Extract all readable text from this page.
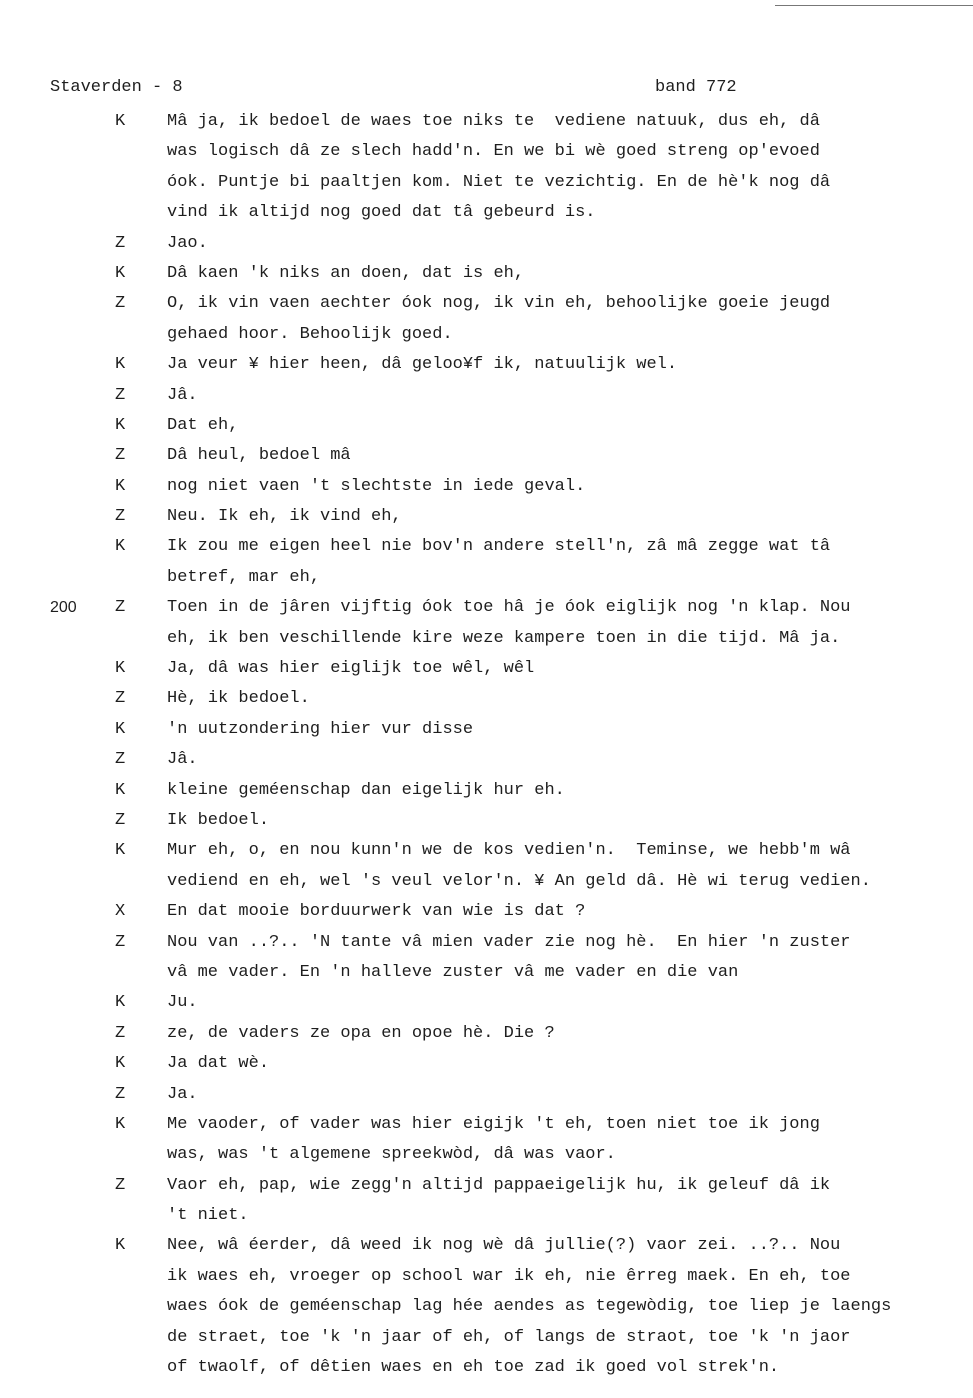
Staverden - 8	band 772
K	Mâ ja, ik bedoel de waes toe niks te  vediene natuuk, dus eh, dâ
was logisch dâ ze slech hadd'n. En we bi wè goed streng op'evoed
óok. Puntje bi paaltjen kom. Niet te vezichtig. En de hè'k nog dâ
vind ik altijd nog goed dat tâ gebeurd is.
Z	Jao.
K	Dâ kaen 'k niks an doen, dat is eh,
Z	O, ik vin vaen aechter óok nog, ik vin eh, behoolijke goeie jeugd
gehaed hoor. Behoolijk goed.
K	Ja veur ¥ hier heen, dâ geloo¥f ik, natuulijk wel.
Z	Jâ.
K	Dat eh,
Z	Dâ heul, bedoel mâ
K	nog niet vaen 't slechtste in iede geval.
Z	Neu. Ik eh, ik vind eh,
K	Ik zou me eigen heel nie bov'n andere stell'n, zâ mâ zegge wat tâ
betref, mar eh,
200	Z	Toen in de jâren vijftig óok toe hâ je óok eiglijk nog 'n klap. Nou
eh, ik ben veschillende kire weze kampere toen in die tijd. Mâ ja.
K	Ja, dâ was hier eiglijk toe wêl, wêl
Z	Hè, ik bedoel.
K	'n uutzondering hier vur disse
Z	Jâ.
K	kleine geméenschap dan eigelijk hur eh.
Z	Ik bedoel.
K	Mur eh, o, en nou kunn'n we de kos vedien'n.  Teminse, we hebb'm wâ
vediend en eh, wel 's veul velor'n. ¥ An geld dâ. Hè wi terug vedien.
X	En dat mooie borduurwerk van wie is dat ?
Z	Nou van ..?.. 'N tante vâ mien vader zie nog hè.  En hier 'n zuster
vâ me vader. En 'n halleve zuster vâ me vader en die van
K	Ju.
Z	ze, de vaders ze opa en opoe hè. Die ?
K	Ja dat wè.
Z	Ja.
K	Me vaoder, of vader was hier eigijk 't eh, toen niet toe ik jong
was, was 't algemene spreekwòd, dâ was vaor.
Z	Vaor eh, pap, wie zegg'n altijd pappaeigelijk hu, ik geleuf dâ ik
't niet.
K	Nee, wâ éerder, dâ weed ik nog wè dâ jullie(?) vaor zei. ..?.. Nou
ik waes eh, vroeger op school war ik eh, nie êrreg maek. En eh, toe
waes óok de geméenschap lag hée aendes as tegewòdig, toe liep je laengs
de straet, toe 'k 'n jaar of eh, of langs de straot, toe 'k 'n jaor
of twaolf, of dêtien waes en eh toe zad ik goed vol strek'n.
